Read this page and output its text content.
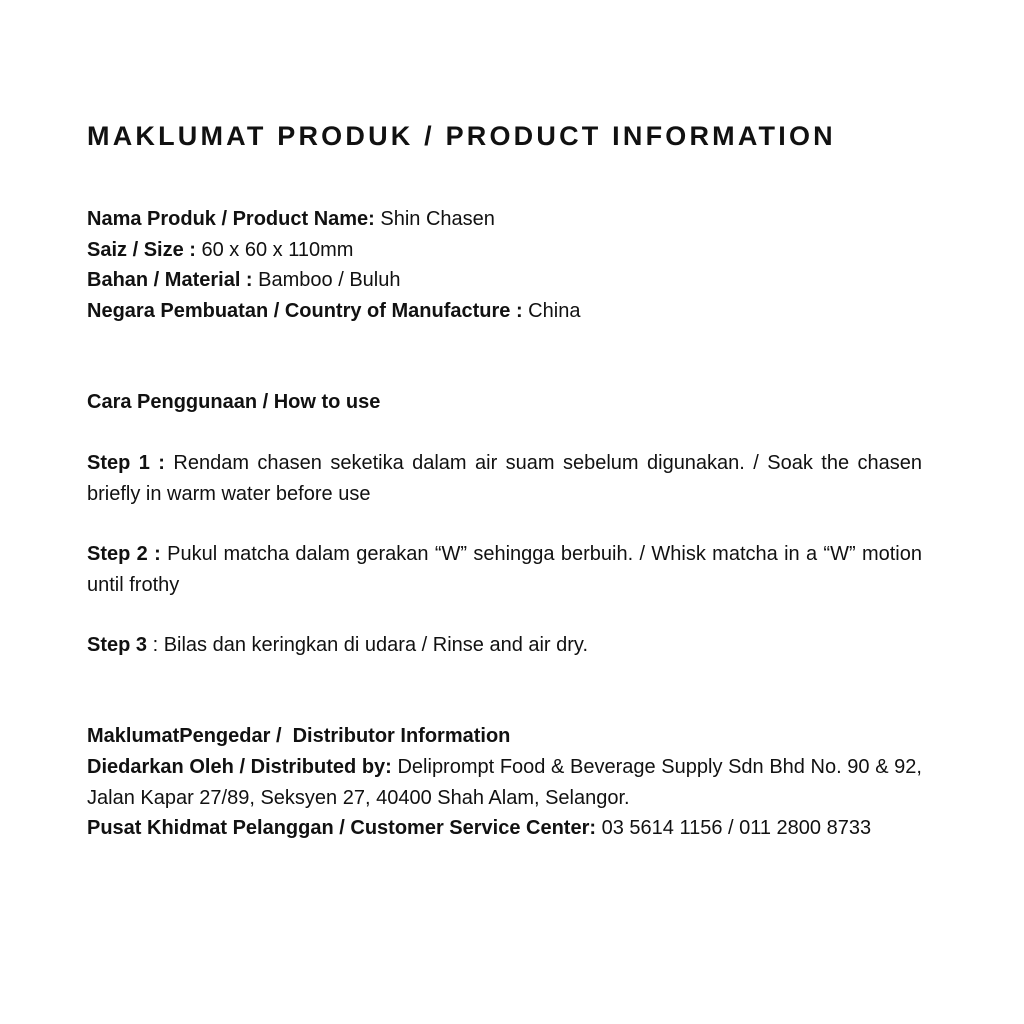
MAKLUMAT PRODUK / PRODUCT INFORMATION

Nama Produk / Product Name: Shin Chasen

Saiz / Size : 60 x 60 x 110mm

Bahan / Material : Bamboo / Buluh

Negara Pembuatan / Country of Manufacture : China

Cara Penggunaan / How to use

Step 1 : Rendam chasen seketika dalam air suam sebelum digunakan. / Soak the chasen briefly in warm water before use

Step 2 : Pukul matcha dalam gerakan “W” sehingga berbuih. / Whisk matcha in a “W” motion until frothy

Step 3 : Bilas dan keringkan di udara / Rinse and air dry.

MaklumatPengedar /  Distributor Information

Diedarkan Oleh / Distributed by: Deliprompt Food & Beverage Supply Sdn Bhd No. 90 & 92, Jalan Kapar 27/89, Seksyen 27, 40400 Shah Alam, Selangor.

Pusat Khidmat Pelanggan / Customer Service Center: 03 5614 1156 / 011 2800 8733
